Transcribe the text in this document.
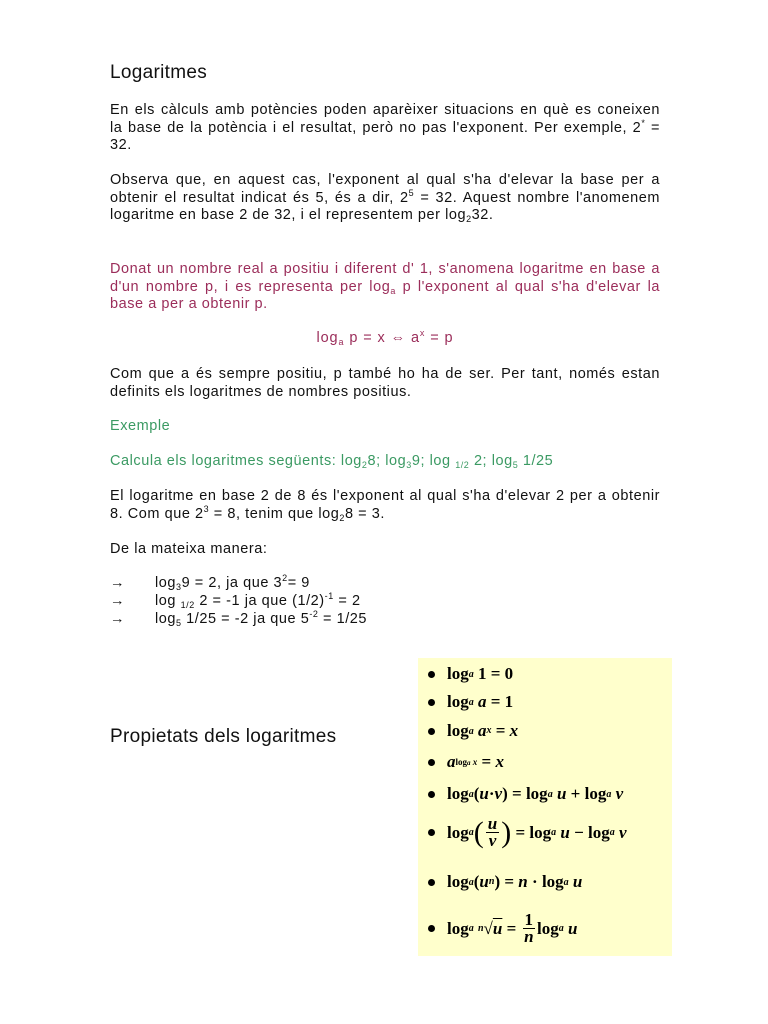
Logaritmes

En els càlculs amb potències poden aparèixer situacions en què es coneixen la base de la potència i el resultat, però no pas l'exponent. Per exemple, 2* = 32.

Observa que, en aquest cas, l'exponent al qual s'ha d'elevar la base per a obtenir el resultat indicat és 5, és a dir, $2^5 = 32$. Aquest nombre l'anomenem logaritme en base 2 de 32, i el representem per $\log_232$.

Donat un nombre real a positiu i diferent d' 1, s'anomena logaritme en base a d'un nombre p, i es representa per $\log_a p$ l'exponent al qual s'ha d'elevar la base a per a obtenir p.

$\log_a p = x$ ⇔ $a^x = p$

Com que a és sempre positiu, p també ho ha de ser. Per tant, només estan definits els logaritmes de nombres positius.

Exemple

Calcula els logaritmes següents: $\log_28$; $\log_39$; log $_{1/2}$ 2; $\log_5 1/25$

El logaritme en base 2 de 8 és l'exponent al qual s'ha d'elevar 2 per a obtenir 8. Com que $2^3 = 8$, tenim que $\log_28 = 3$.

De la mateixa manera:

→ $\log_39 = 2$, ja que $3^2= 9$
→ log $_{1/2}$ 2 = -1 ja que $(1/2)^{-1} = 2$
→ $\log_5 1/25 = -2$ ja que $5^{-2} = 1/25$
Propietats dels logaritmes
log a
1
=
0
log a
a
=
1
log a
a x
=
x
a loga x
=
x
log a ( u · v )
=
log a
u
+
log a
v
log a ( $\frac{u}{v}$ )
=
log a
u
−
log a
v
log a ( u n )
=
n
·
log a
u
log a
n √ u
=
$\frac{1}{n}$ log a
u
